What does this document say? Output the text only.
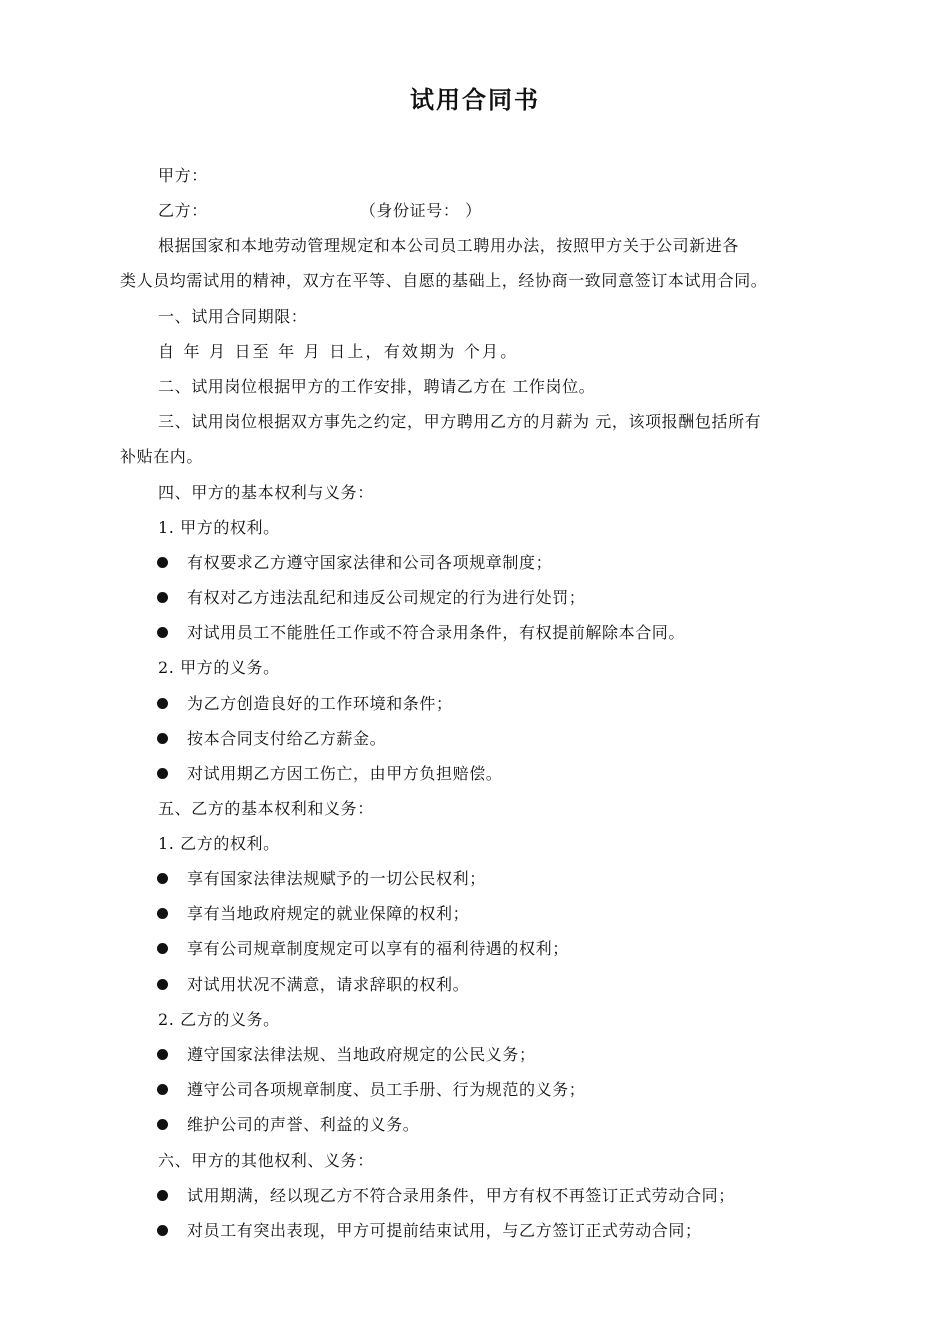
试用合同书
甲方：
乙方：	（身份证号： ）
根据国家和本地劳动管理规定和本公司员工聘用办法，按照甲方关于公司新进各
类人员均需试用的精神，双方在平等、自愿的基础上，经协商一致同意签订本试用合同。
一、试用合同期限：
自 年 月 日至 年 月 日上，有效期为 个月。
二、试用岗位根据甲方的工作安排，聘请乙方在 工作岗位。
三、试用岗位根据双方事先之约定，甲方聘用乙方的月薪为 元，该项报酬包括所有
补贴在内。
四、甲方的基本权利与义务：
1. 甲方的权利。
有权要求乙方遵守国家法律和公司各项规章制度；
有权对乙方违法乱纪和违反公司规定的行为进行处罚；
对试用员工不能胜任工作或不符合录用条件，有权提前解除本合同。
2. 甲方的义务。
为乙方创造良好的工作环境和条件；
按本合同支付给乙方薪金。
对试用期乙方因工伤亡，由甲方负担赔偿。
五、乙方的基本权利和义务：
1. 乙方的权利。
享有国家法律法规赋予的一切公民权利；
享有当地政府规定的就业保障的权利；
享有公司规章制度规定可以享有的福利待遇的权利；
对试用状况不满意，请求辞职的权利。
2. 乙方的义务。
遵守国家法律法规、当地政府规定的公民义务；
遵守公司各项规章制度、员工手册、行为规范的义务；
维护公司的声誉、利益的义务。
六、甲方的其他权利、义务：
试用期满，经以现乙方不符合录用条件，甲方有权不再签订正式劳动合同；
对员工有突出表现，甲方可提前结束试用，与乙方签订正式劳动合同；
